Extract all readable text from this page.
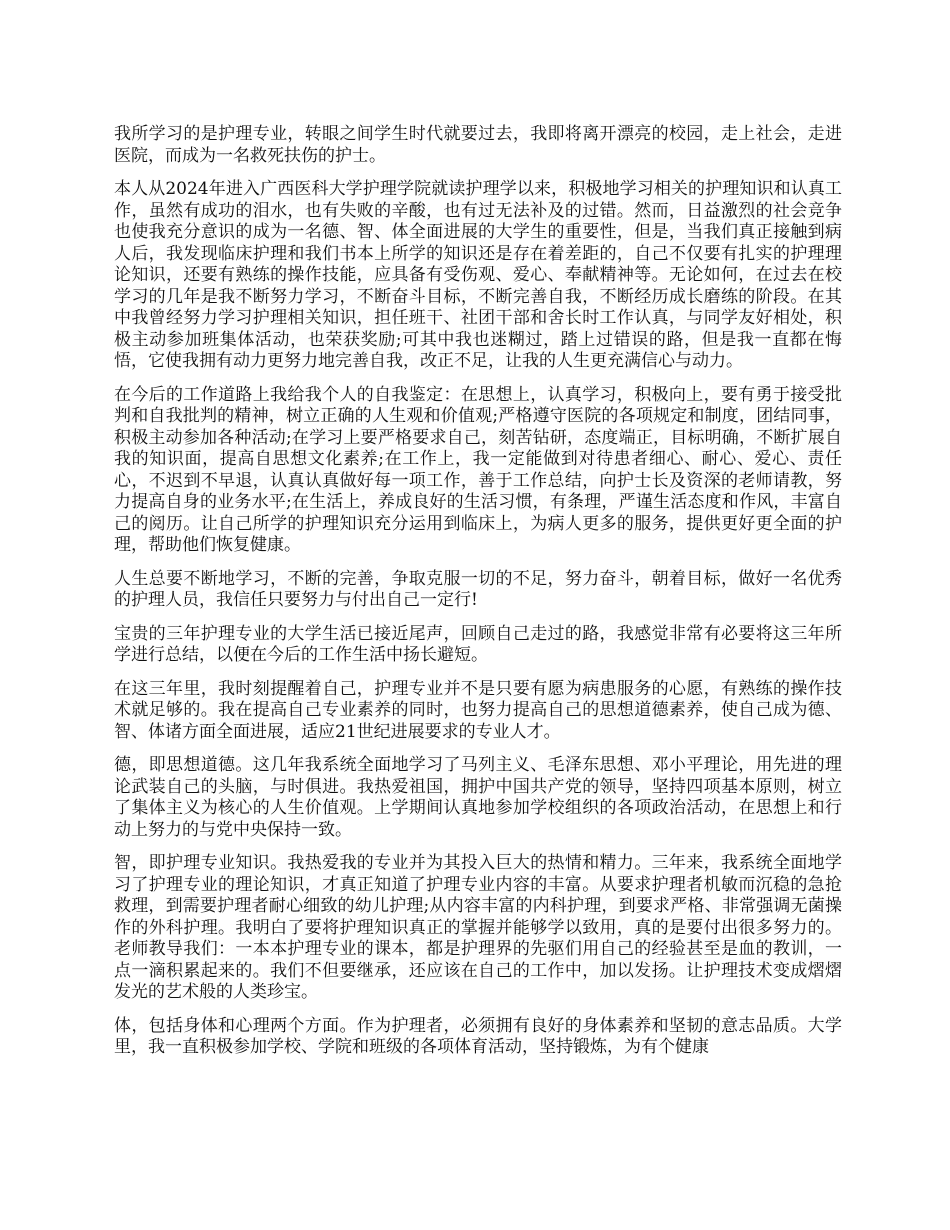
我所学习的是护理专业，转眼之间学生时代就要过去，我即将离开漂亮的校园，走上社会，走进医院，而成为一名救死扶伤的护士。

本人从2024年进入广西医科大学护理学院就读护理学以来，积极地学习相关的护理知识和认真工作，虽然有成功的泪水，也有失败的辛酸，也有过无法补及的过错。然而，日益激烈的社会竞争也使我充分意识的成为一名德、智、体全面进展的大学生的重要性，但是，当我们真正接触到病人后，我发现临床护理和我们书本上所学的知识还是存在着差距的，自己不仅要有扎实的护理理论知识，还要有熟练的操作技能，应具备有受伤观、爱心、奉献精神等。无论如何，在过去在校学习的几年是我不断努力学习，不断奋斗目标，不断完善自我，不断经历成长磨练的阶段。在其中我曾经努力学习护理相关知识，担任班干、社团干部和舍长时工作认真，与同学友好相处，积极主动参加班集体活动，也荣获奖励;可其中我也迷糊过，踏上过错误的路，但是我一直都在悔悟，它使我拥有动力更努力地完善自我，改正不足，让我的人生更充满信心与动力。

在今后的工作道路上我给我个人的自我鉴定：在思想上，认真学习，积极向上，要有勇于接受批判和自我批判的精神，树立正确的人生观和价值观;严格遵守医院的各项规定和制度，团结同事，积极主动参加各种活动;在学习上要严格要求自己，刻苦钻研，态度端正，目标明确，不断扩展自我的知识面，提高自思想文化素养;在工作上，我一定能做到对待患者细心、耐心、爱心、责任心，不迟到不早退，认真认真做好每一项工作，善于工作总结，向护士长及资深的老师请教，努力提高自身的业务水平;在生活上，养成良好的生活习惯，有条理，严谨生活态度和作风，丰富自己的阅历。让自己所学的护理知识充分运用到临床上，为病人更多的服务，提供更好更全面的护理，帮助他们恢复健康。

人生总要不断地学习，不断的完善，争取克服一切的不足，努力奋斗，朝着目标，做好一名优秀的护理人员，我信任只要努力与付出自己一定行!

宝贵的三年护理专业的大学生活已接近尾声，回顾自己走过的路，我感觉非常有必要将这三年所学进行总结，以便在今后的工作生活中扬长避短。

在这三年里，我时刻提醒着自己，护理专业并不是只要有愿为病患服务的心愿，有熟练的操作技术就足够的。我在提高自己专业素养的同时，也努力提高自己的思想道德素养，使自己成为德、智、体诸方面全面进展，适应21世纪进展要求的专业人才。

德，即思想道德。这几年我系统全面地学习了马列主义、毛泽东思想、邓小平理论，用先进的理论武装自己的头脑，与时俱进。我热爱祖国，拥护中国共产党的领导，坚持四项基本原则，树立了集体主义为核心的人生价值观。上学期间认真地参加学校组织的各项政治活动，在思想上和行动上努力的与党中央保持一致。

智，即护理专业知识。我热爱我的专业并为其投入巨大的热情和精力。三年来，我系统全面地学习了护理专业的理论知识，才真正知道了护理专业内容的丰富。从要求护理者机敏而沉稳的急抢救理，到需要护理者耐心细致的幼儿护理;从内容丰富的内科护理，到要求严格、非常强调无菌操作的外科护理。我明白了要将护理知识真正的掌握并能够学以致用，真的是要付出很多努力的。老师教导我们：一本本护理专业的课本，都是护理界的先驱们用自己的经验甚至是血的教训，一点一滴积累起来的。我们不但要继承，还应该在自己的工作中，加以发扬。让护理技术变成熠熠发光的艺术般的人类珍宝。

体，包括身体和心理两个方面。作为护理者，必须拥有良好的身体素养和坚韧的意志品质。大学里，我一直积极参加学校、学院和班级的各项体育活动，坚持锻炼，为有个健康
